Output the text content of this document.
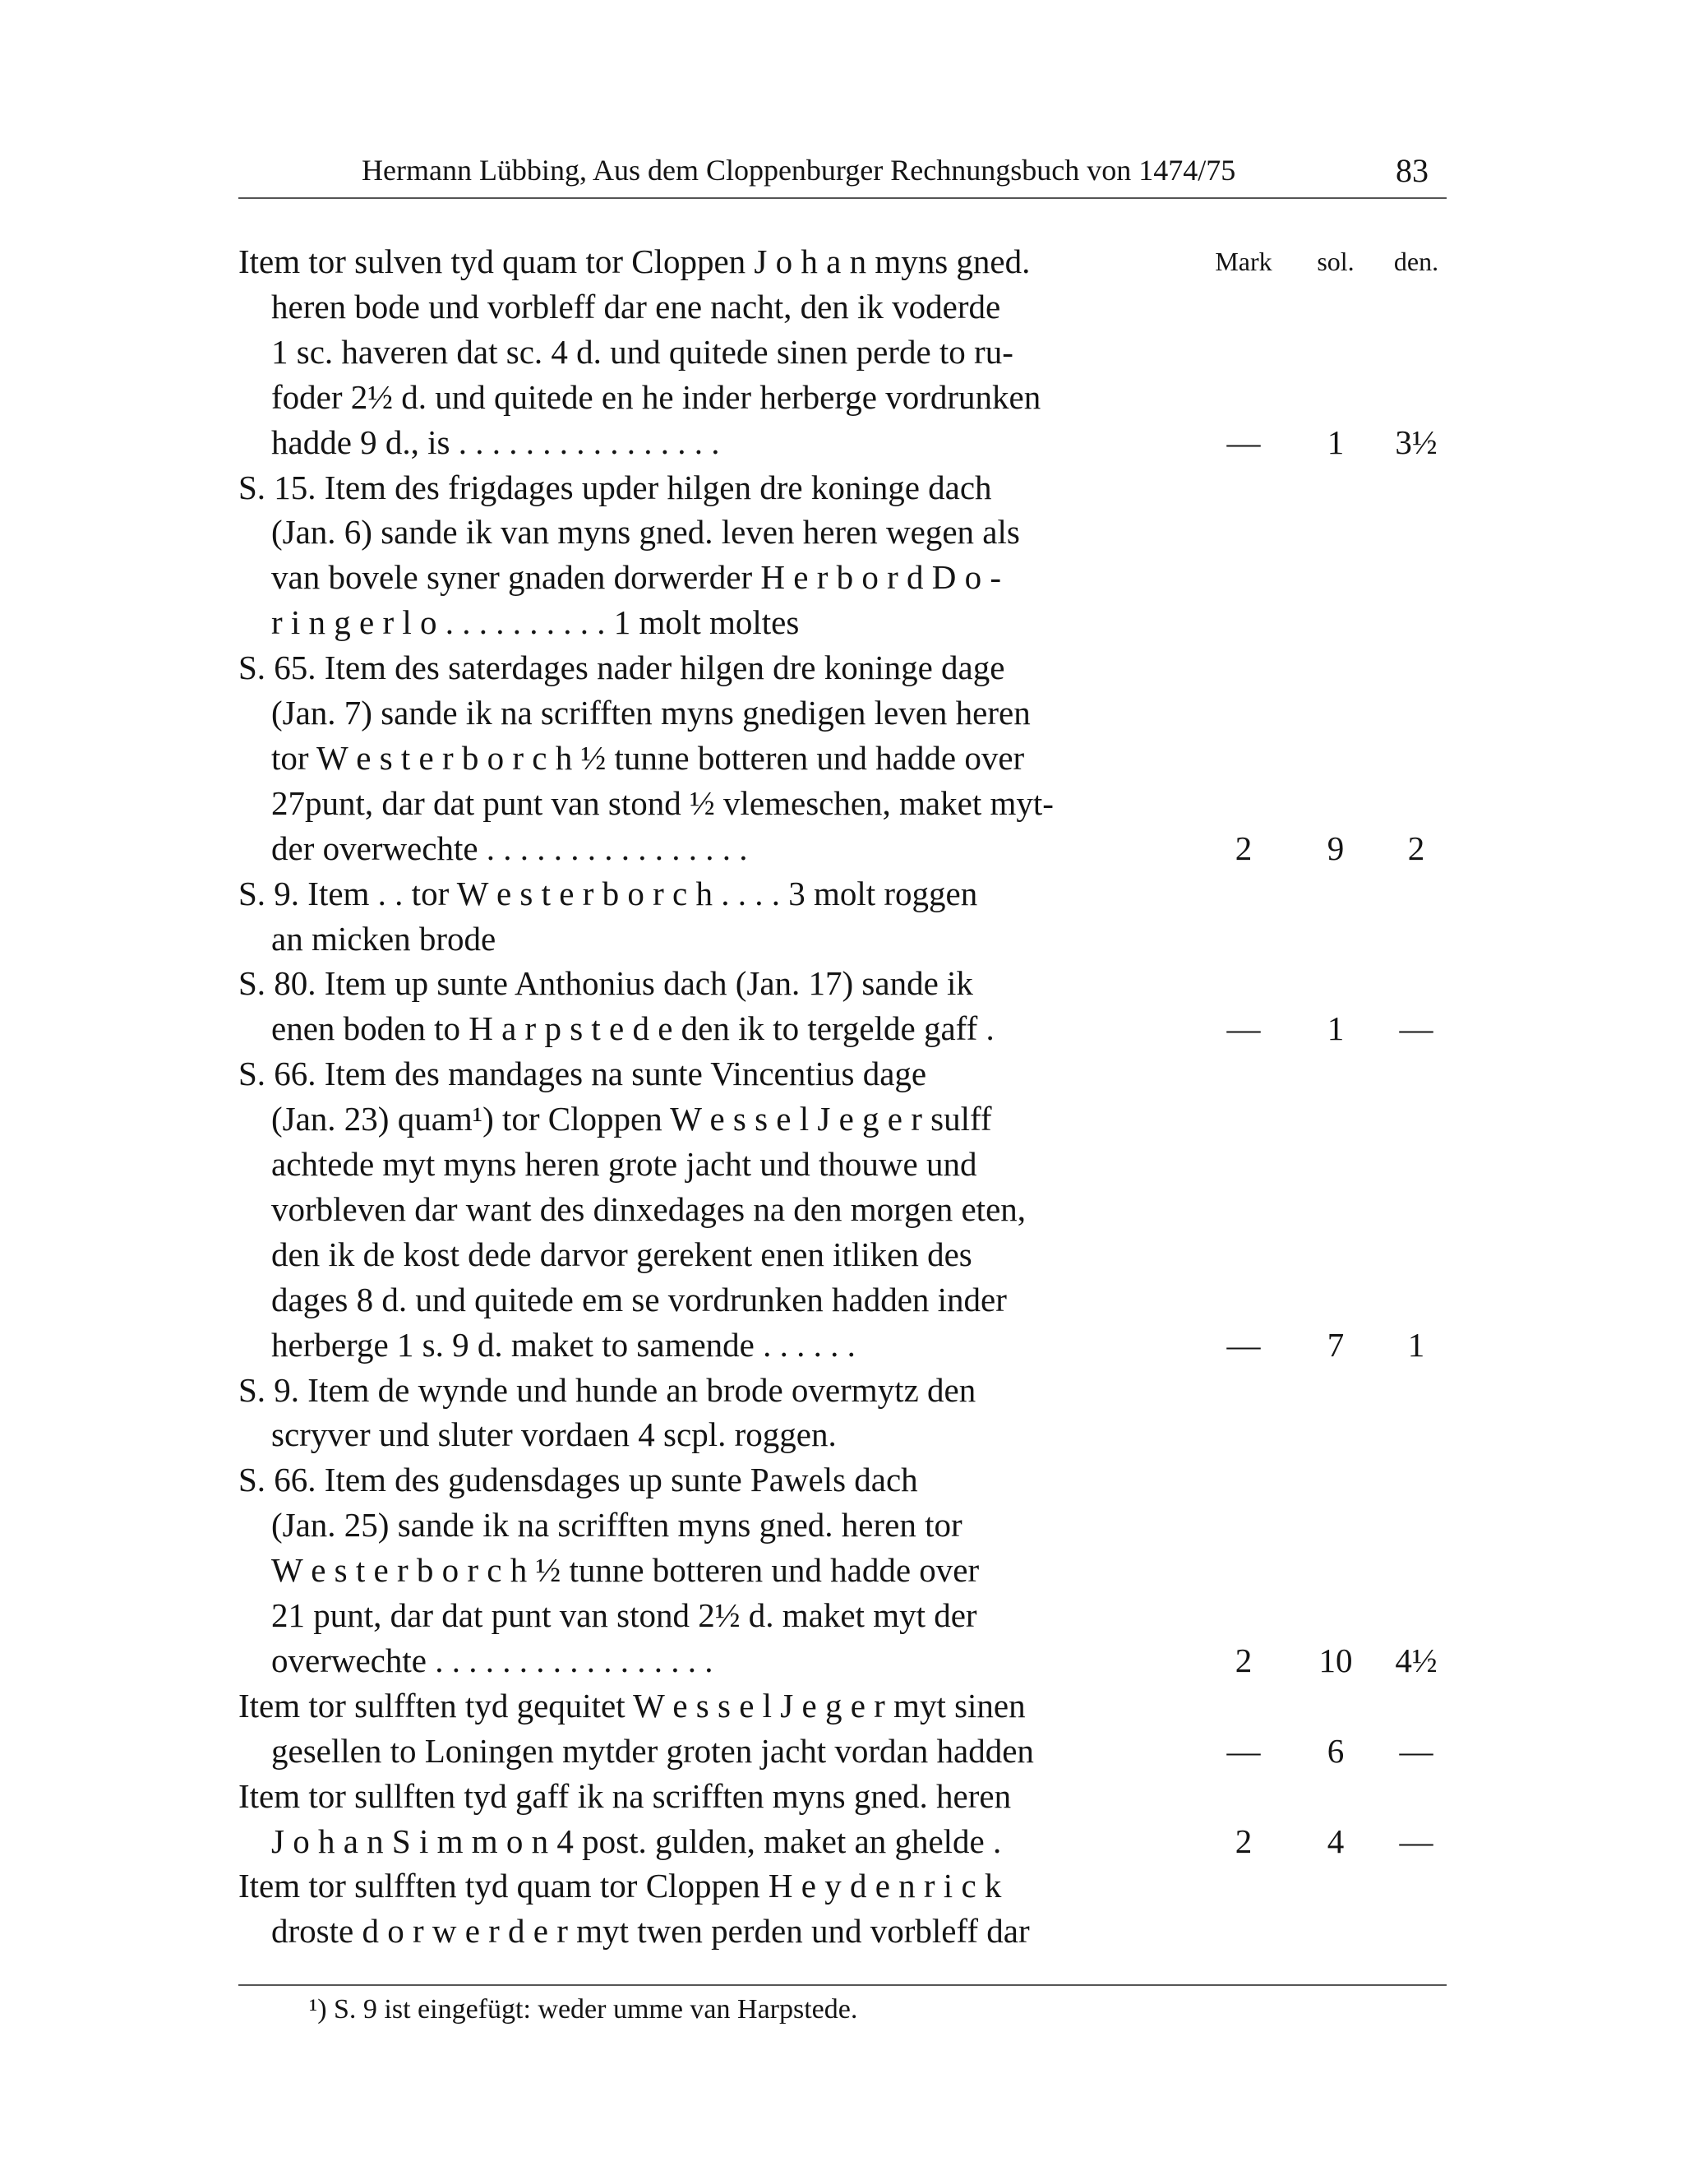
Hermann Lübbing, Aus dem Cloppenburger Rechnungsbuch von 1474/75	83
Item tor sulven tyd quam tor Cloppen J o h a n myns gned.	Mark	sol.	den.
heren bode und vorbleff dar ene nacht, den ik voderde
1 sc. haveren dat sc. 4 d. und quitede sinen perde to ru-
foder 2½ d. und quitede en he inder herberge vordrunken
hadde 9 d., is . . . . . . . . . . . . . . . .	—	1	3½
S. 15. Item des frigdages upder hilgen dre koninge dach
(Jan. 6) sande ik van myns gned. leven heren wegen als
van bovele syner gnaden dorwerder H e r b o r d D o -
r i n g e r l o . . . . . . . . . . 1 molt moltes
S. 65. Item des saterdages nader hilgen dre koninge dage
(Jan. 7) sande ik na scrifften myns gnedigen leven heren
tor W e s t e r b o r c h ½ tunne botteren und hadde over
27punt, dar dat punt van stond ½ vlemeschen, maket myt-
der overwechte . . . . . . . . . . . . . . . .	2	9	2
S. 9. Item . . tor W e s t e r b o r c h . . . . 3 molt roggen
an micken brode
S. 80. Item up sunte Anthonius dach (Jan. 17) sande ik
enen boden to H a r p s t e d e den ik to tergelde gaff .	—	1	—
S. 66. Item des mandages na sunte Vincentius dage
(Jan. 23) quam¹) tor Cloppen W e s s e l J e g e r sulff
achtede myt myns heren grote jacht und thouwe und
vorbleven dar want des dinxedages na den morgen eten,
den ik de kost dede darvor gerekent enen itliken des
dages 8 d. und quitede em se vordrunken hadden inder
herberge 1 s. 9 d. maket to samende . . . . . .	—	7	1
S. 9. Item de wynde und hunde an brode overmytz den
scryver und sluter vordaen 4 scpl. roggen.
S. 66. Item des gudensdages up sunte Pawels dach
(Jan. 25) sande ik na scrifften myns gned. heren tor
W e s t e r b o r c h ½ tunne botteren und hadde over
21 punt, dar dat punt van stond 2½ d. maket myt der
overwechte . . . . . . . . . . . . . . . . .	2	10	4½
Item tor sulfften tyd gequitet W e s s e l J e g e r myt sinen
gesellen to Loningen mytder groten jacht vordan hadden	—	6	—
Item tor sullften tyd gaff ik na scrifften myns gned. heren
J o h a n S i m m o n 4 post. gulden, maket an ghelde .	2	4	—
Item tor sulfften tyd quam tor Cloppen H e y d e n r i c k
droste d o r w e r d e r myt twen perden und vorbleff dar
¹) S. 9 ist eingefügt: weder umme van Harpstede.
